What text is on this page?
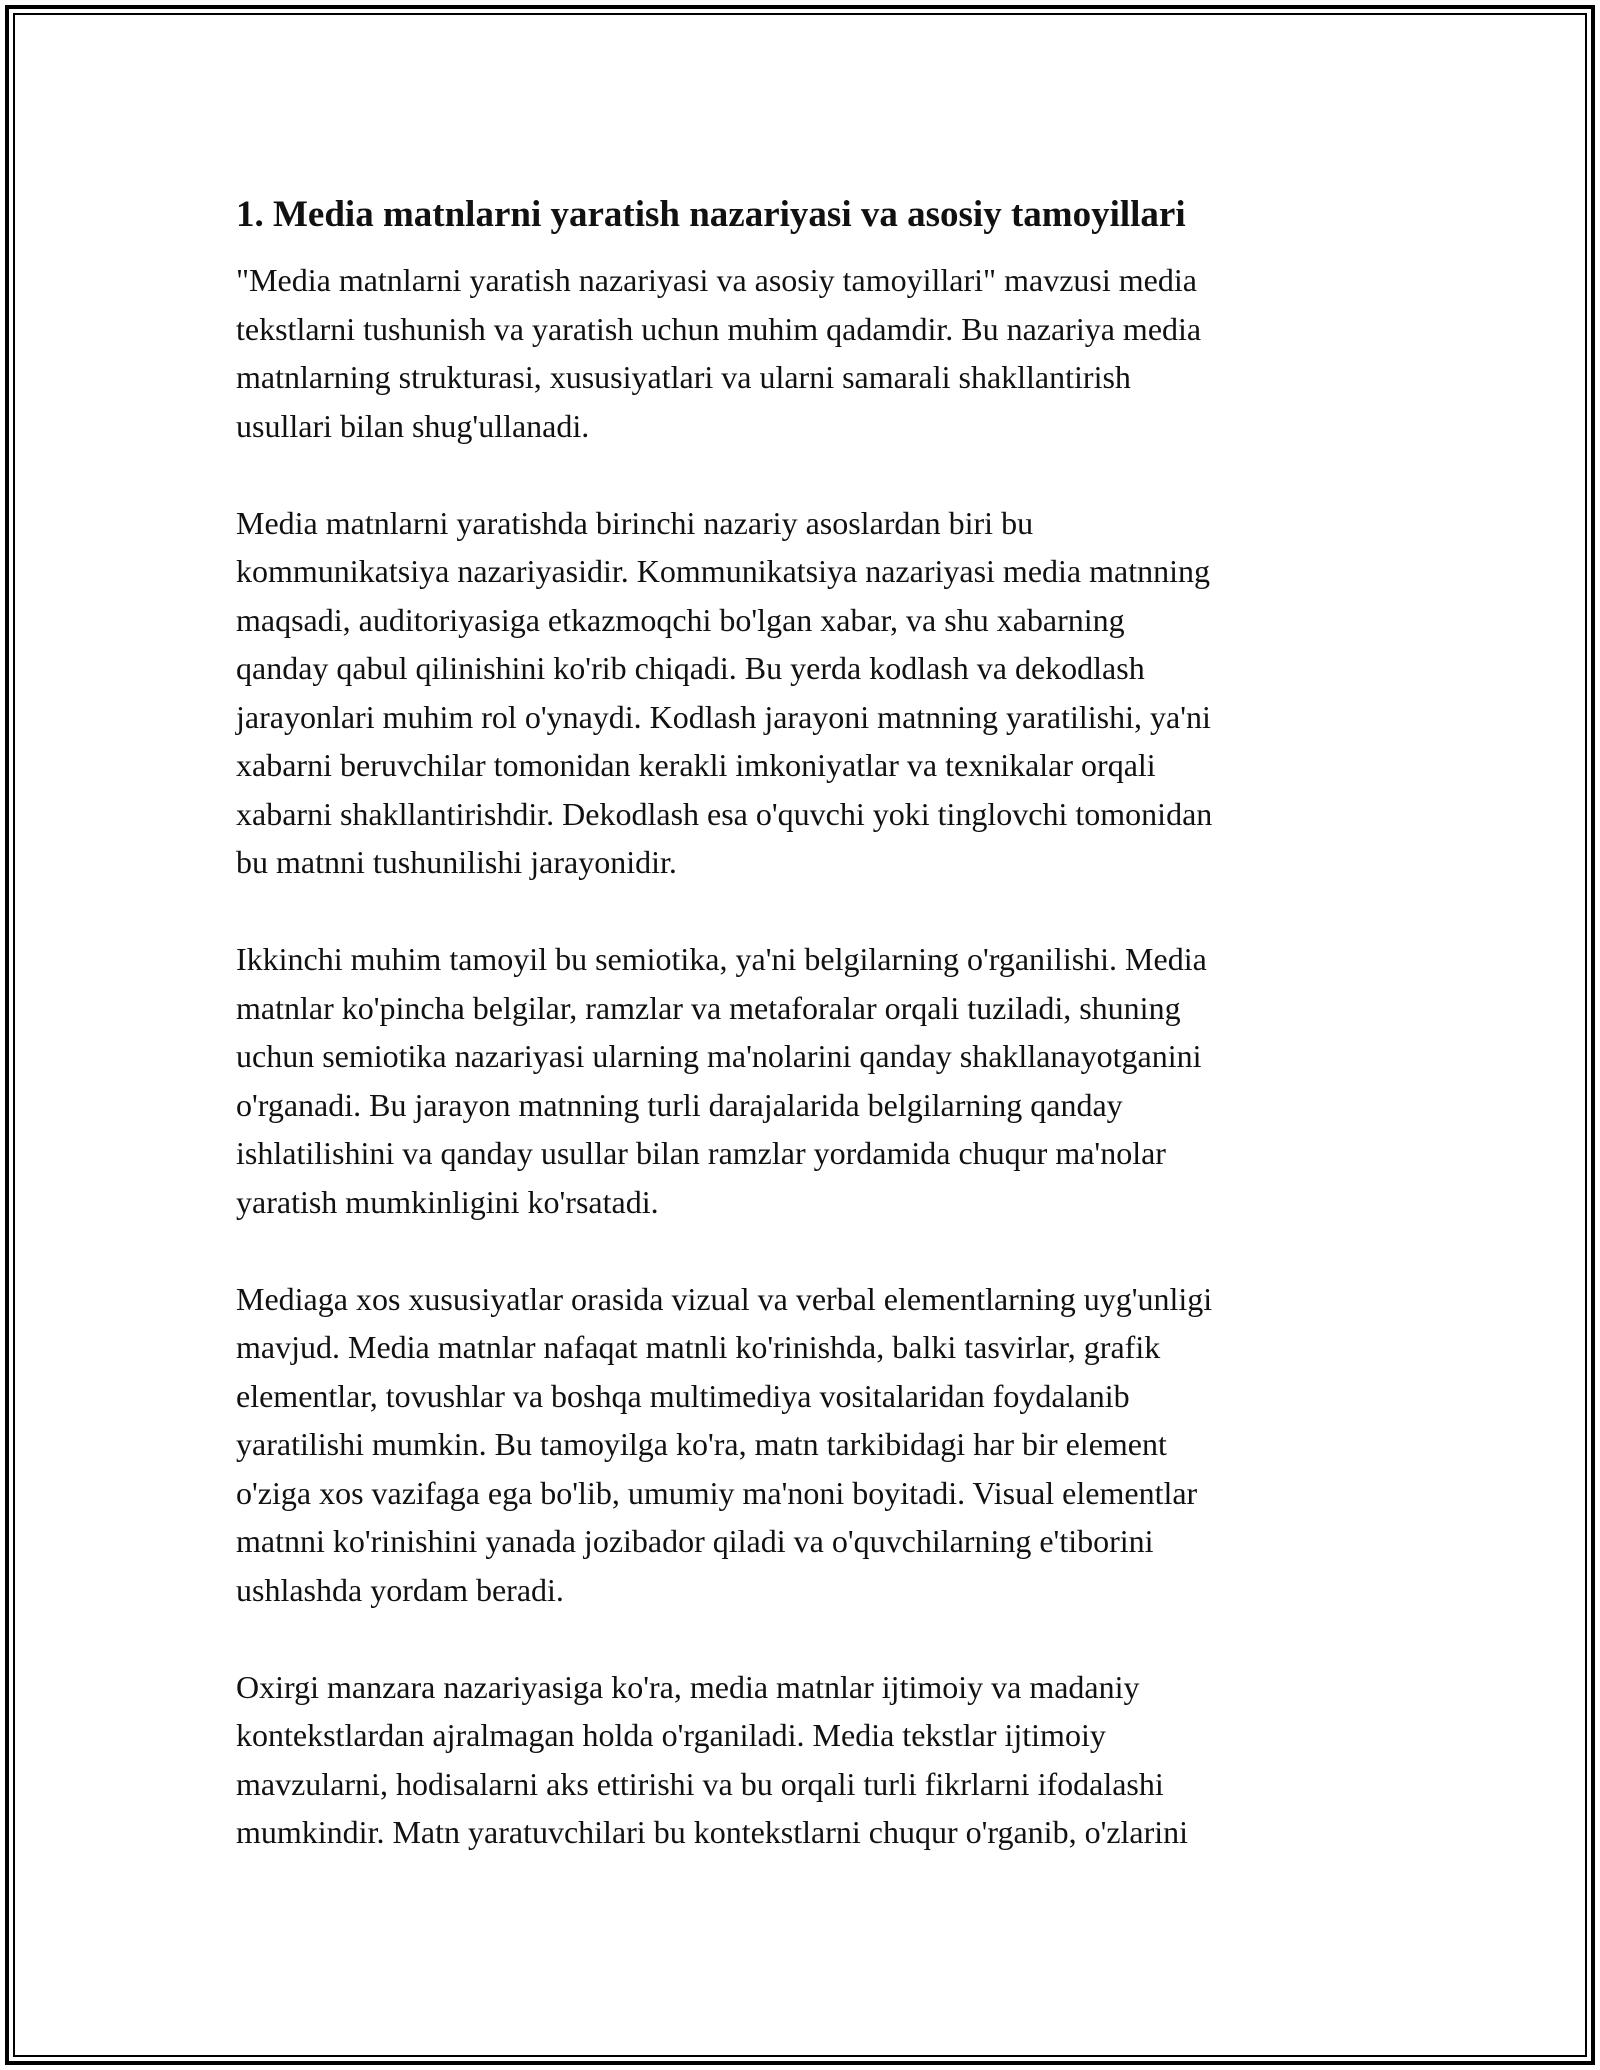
1. Media matnlarni yaratish nazariyasi va asosiy tamoyillari

"Media matnlarni yaratish nazariyasi va asosiy tamoyillari" mavzusi media
tekstlarni tushunish va yaratish uchun muhim qadamdir. Bu nazariya media
matnlarning strukturasi, xususiyatlari va ularni samarali shakllantirish
usullari bilan shug'ullanadi.

Media matnlarni yaratishda birinchi nazariy asoslardan biri bu
kommunikatsiya nazariyasidir. Kommunikatsiya nazariyasi media matnning
maqsadi, auditoriyasiga etkazmoqchi bo'lgan xabar, va shu xabarning
qanday qabul qilinishini ko'rib chiqadi. Bu yerda kodlash va dekodlash
jarayonlari muhim rol o'ynaydi. Kodlash jarayoni matnning yaratilishi, ya'ni
xabarni beruvchilar tomonidan kerakli imkoniyatlar va texnikalar orqali
xabarni shakllantirishdir. Dekodlash esa o'quvchi yoki tinglovchi tomonidan
bu matnni tushunilishi jarayonidir.

Ikkinchi muhim tamoyil bu semiotika, ya'ni belgilarning o'rganilishi. Media
matnlar ko'pincha belgilar, ramzlar va metaforalar orqali tuziladi, shuning
uchun semiotika nazariyasi ularning ma'nolarini qanday shakllanayotganini
o'rganadi. Bu jarayon matnning turli darajalarida belgilarning qanday
ishlatilishini va qanday usullar bilan ramzlar yordamida chuqur ma'nolar
yaratish mumkinligini ko'rsatadi.

Mediaga xos xususiyatlar orasida vizual va verbal elementlarning uyg'unligi
mavjud. Media matnlar nafaqat matnli ko'rinishda, balki tasvirlar, grafik
elementlar, tovushlar va boshqa multimediya vositalaridan foydalanib
yaratilishi mumkin. Bu tamoyilga ko'ra, matn tarkibidagi har bir element
o'ziga xos vazifaga ega bo'lib, umumiy ma'noni boyitadi. Visual elementlar
matnni ko'rinishini yanada jozibador qiladi va o'quvchilarning e'tiborini
ushlashda yordam beradi.

Oxirgi manzara nazariyasiga ko'ra, media matnlar ijtimoiy va madaniy
kontekstlardan ajralmagan holda o'rganiladi. Media tekstlar ijtimoiy
mavzularni, hodisalarni aks ettirishi va bu orqali turli fikrlarni ifodalashi
mumkindir. Matn yaratuvchilari bu kontekstlarni chuqur o'rganib, o'zlarini
